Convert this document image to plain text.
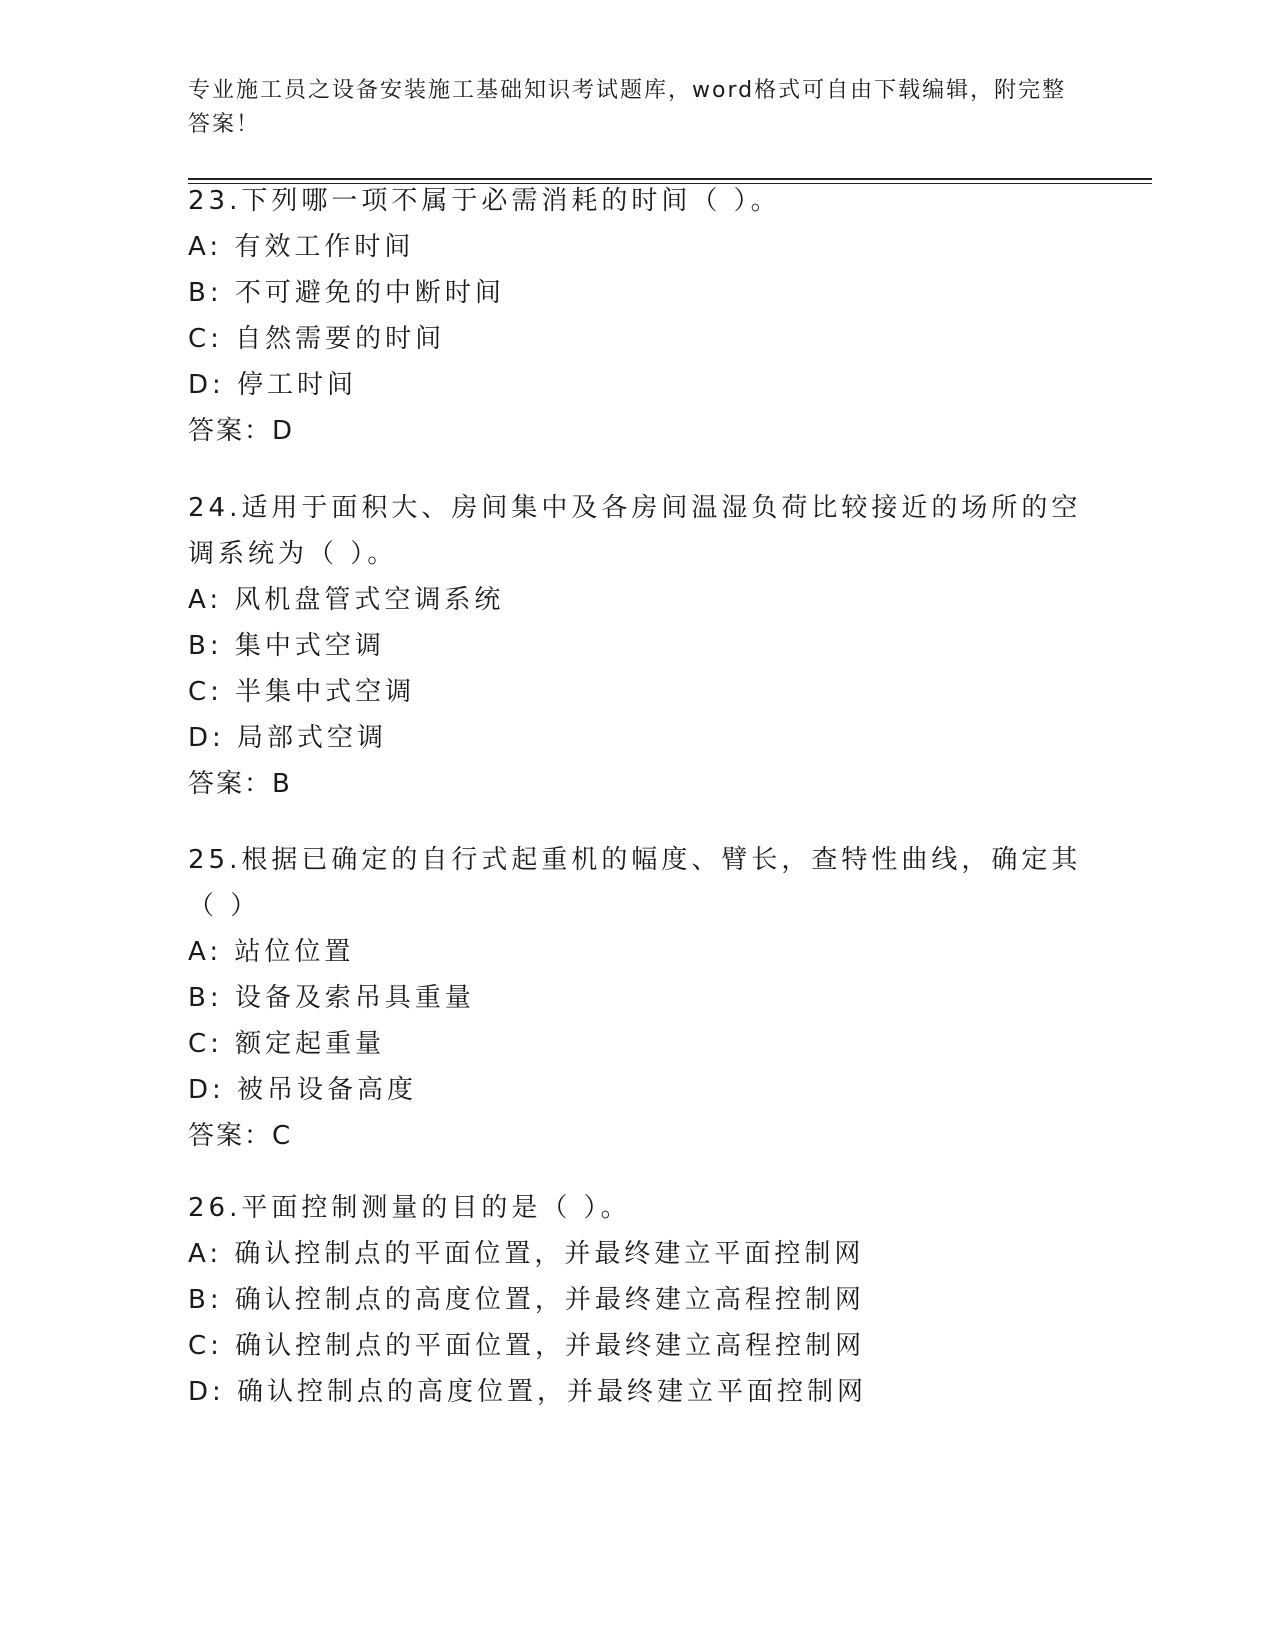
专业施工员之设备安装施工基础知识考试题库，word格式可自由下载编辑，附完整答案！
23.下列哪一项不属于必需消耗的时间（ ）。
A: 有效工作时间
B: 不可避免的中断时间
C: 自然需要的时间
D: 停工时间
答案：D
24.适用于面积大、房间集中及各房间温湿负荷比较接近的场所的空调系统为（ ）。
A: 风机盘管式空调系统
B: 集中式空调
C: 半集中式空调
D: 局部式空调
答案：B
25.根据已确定的自行式起重机的幅度、臂长，查特性曲线，确定其（ ）
A: 站位位置
B: 设备及索吊具重量
C: 额定起重量
D: 被吊设备高度
答案：C
26.平面控制测量的目的是（ ）。
A: 确认控制点的平面位置，并最终建立平面控制网
B: 确认控制点的高度位置，并最终建立高程控制网
C: 确认控制点的平面位置，并最终建立高程控制网
D: 确认控制点的高度位置，并最终建立平面控制网
